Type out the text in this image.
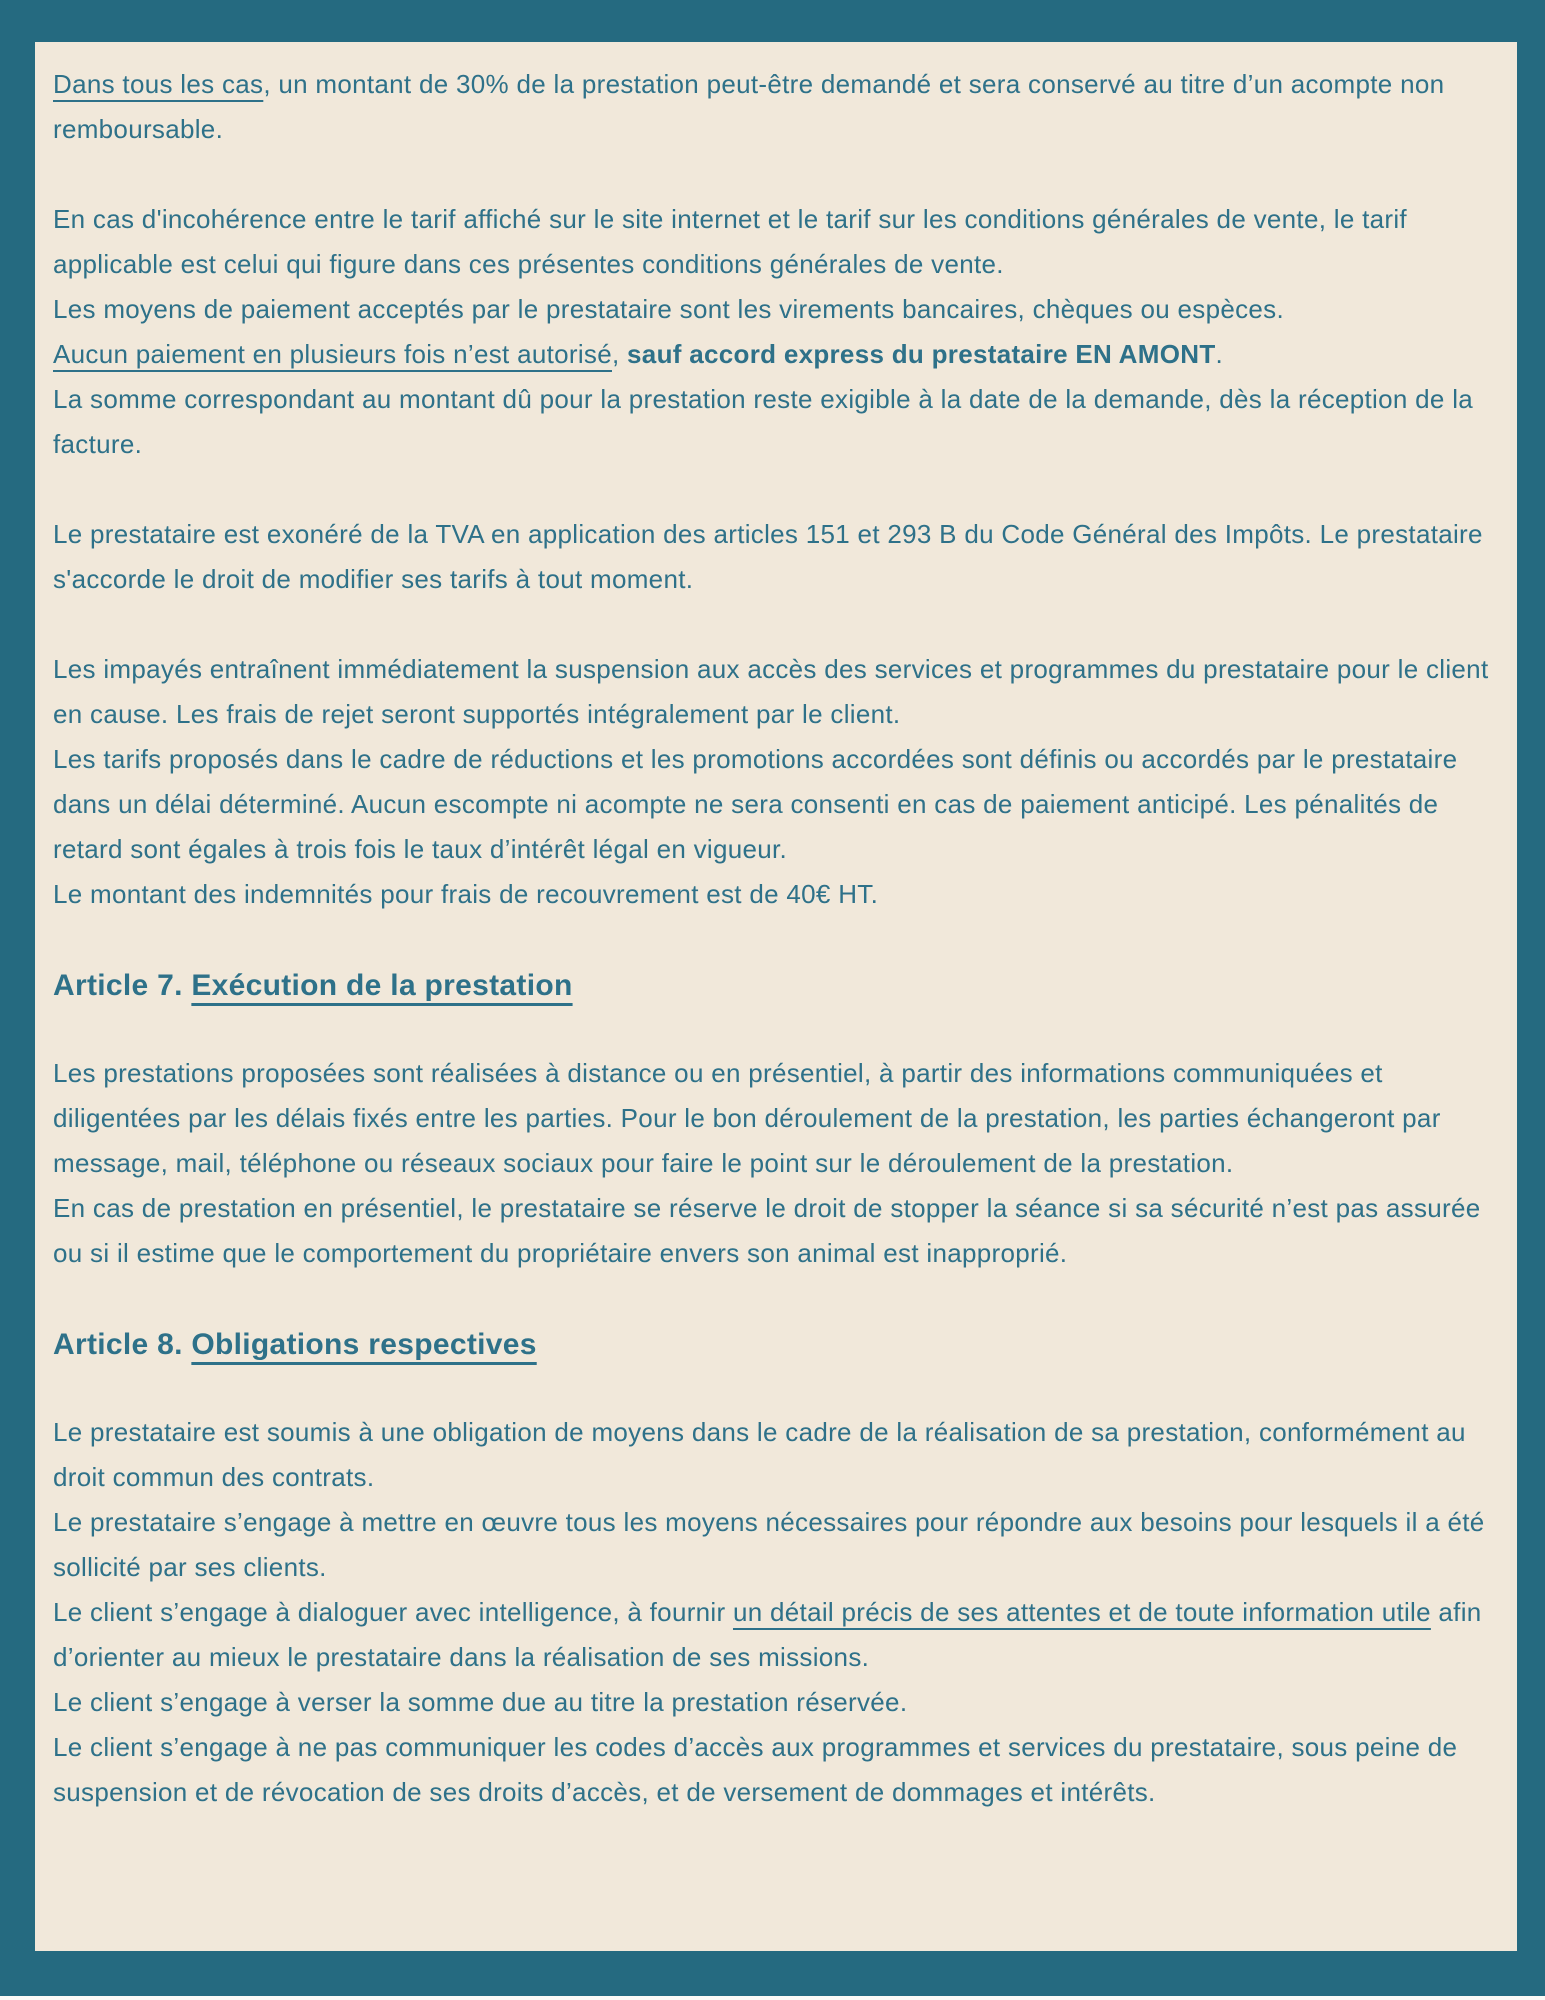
Dans tous les cas, un montant de 30% de la prestation peut-être demandé et sera conservé au titre d’un acompte non remboursable.

En cas d'incohérence entre le tarif affiché sur le site internet et le tarif sur les conditions générales de vente, le tarif applicable est celui qui figure dans ces présentes conditions générales de vente.

Les moyens de paiement acceptés par le prestataire sont les virements bancaires, chèques ou espèces.

Aucun paiement en plusieurs fois n’est autorisé, sauf accord express du prestataire EN AMONT.

La somme correspondant au montant dû pour la prestation reste exigible à la date de la demande, dès la réception de la facture.

Le prestataire est exonéré de la TVA en application des articles 151 et 293 B du Code Général des Impôts. Le prestataire s'accorde le droit de modifier ses tarifs à tout moment.

Les impayés entraînent immédiatement la suspension aux accès des services et programmes du prestataire pour le client en cause. Les frais de rejet seront supportés intégralement par le client.

Les tarifs proposés dans le cadre de réductions et les promotions accordées sont définis ou accordés par le prestataire dans un délai déterminé. Aucun escompte ni acompte ne sera consenti en cas de paiement anticipé. Les pénalités de retard sont égales à trois fois le taux d’intérêt légal en vigueur.

Le montant des indemnités pour frais de recouvrement est de 40€ HT.

Article 7. Exécution de la prestation

Les prestations proposées sont réalisées à distance ou en présentiel, à partir des informations communiquées et diligentées par les délais fixés entre les parties. Pour le bon déroulement de la prestation, les parties échangeront par message, mail, téléphone ou réseaux sociaux pour faire le point sur le déroulement de la prestation.

En cas de prestation en présentiel, le prestataire se réserve le droit de stopper la séance si sa sécurité n’est pas assurée ou si il estime que le comportement du propriétaire envers son animal est inapproprié.

Article 8. Obligations respectives

Le prestataire est soumis à une obligation de moyens dans le cadre de la réalisation de sa prestation, conformément au droit commun des contrats.

Le prestataire s’engage à mettre en œuvre tous les moyens nécessaires pour répondre aux besoins pour lesquels il a été sollicité par ses clients.

Le client s’engage à dialoguer avec intelligence, à fournir un détail précis de ses attentes et de toute information utile afin d’orienter au mieux le prestataire dans la réalisation de ses missions.

Le client s’engage à verser la somme due au titre la prestation réservée.

Le client s’engage à ne pas communiquer les codes d’accès aux programmes et services du prestataire, sous peine de suspension et de révocation de ses droits d’accès, et de versement de dommages et intérêts.
